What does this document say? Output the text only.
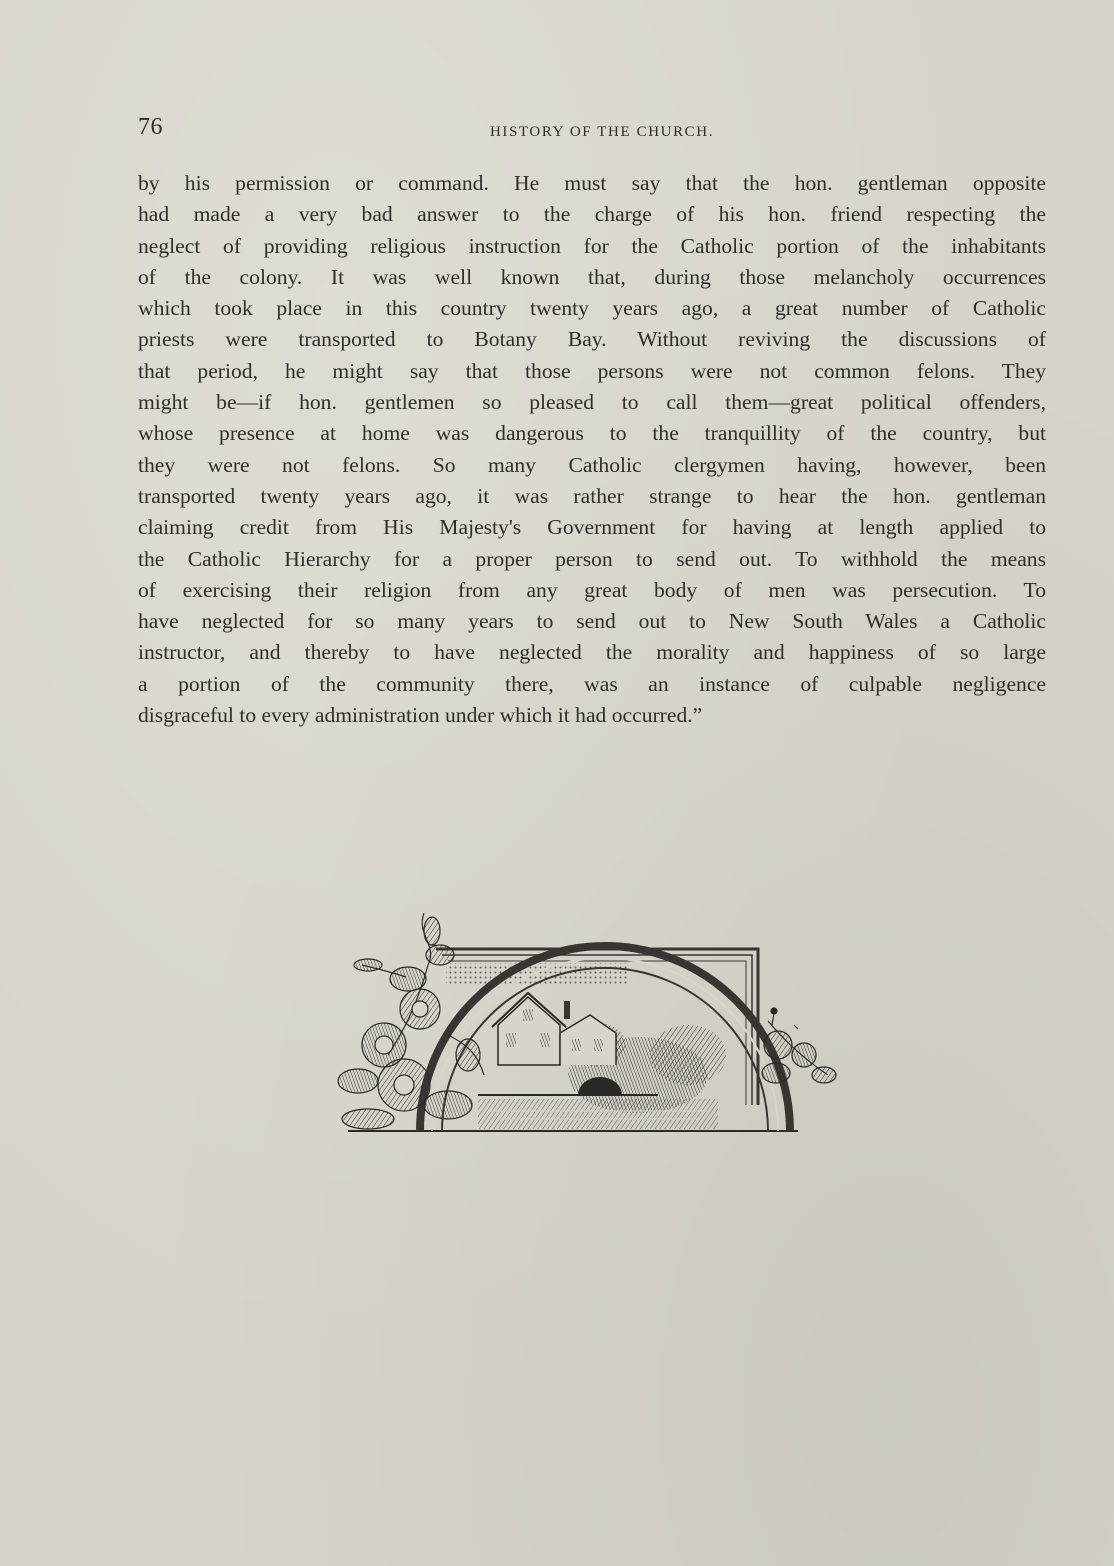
76	HISTORY OF THE CHURCH.

by his permission or command. He must say that the hon. gentleman opposite
had made a very bad answer to the charge of his hon. friend respecting the
neglect of providing religious instruction for the Catholic portion of the inhabitants
of the colony. It was well known that, during those melancholy occurrences
which took place in this country twenty years ago, a great number of Catholic
priests were transported to Botany Bay. Without reviving the discussions of
that period, he might say that those persons were not common felons. They
might be—if hon. gentlemen so pleased to call them—great political offenders,
whose presence at home was dangerous to the tranquillity of the country, but
they were not felons. So many Catholic clergymen having, however, been
transported twenty years ago, it was rather strange to hear the hon. gentleman
claiming credit from His Majesty's Government for having at length applied to
the Catholic Hierarchy for a proper person to send out. To withhold the means
of exercising their religion from any great body of men was persecution. To
have neglected for so many years to send out to New South Wales a Catholic
instructor, and thereby to have neglected the morality and happiness of so large
a portion of the community there, was an instance of culpable negligence
disgraceful to every administration under which it had occurred.”
